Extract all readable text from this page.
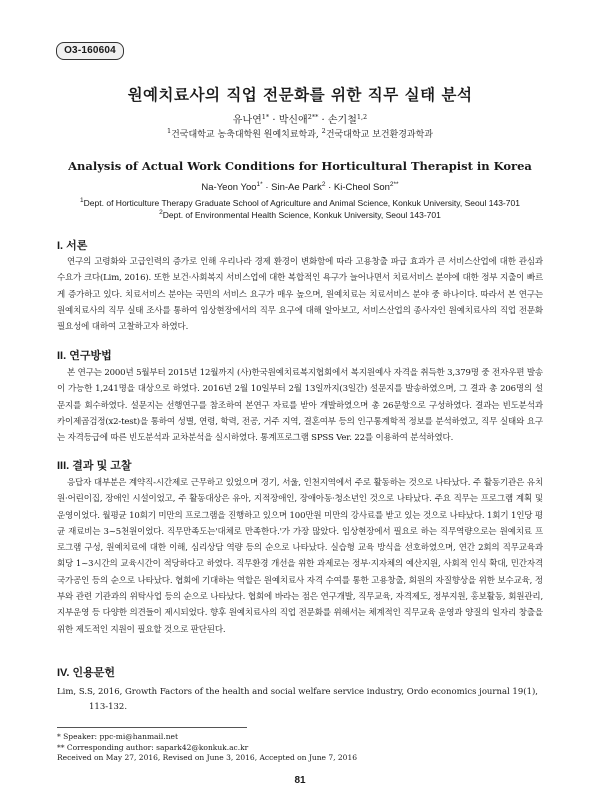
O3-160604
원예치료사의 직업 전문화를 위한 직무 실태 분석
유나연$^{1*}$ · 박신애$^{2**}$ · 손기철$^{1,2}$
$^1$건국대학교 농축대학원 원예치료학과, $^2$건국대학교 보건환경과학과
Analysis of Actual Work Conditions for Horticultural Therapist in Korea
Na-Yeon Yoo$^{1*}$ · Sin-Ae Park$^2$ · Ki-Cheol Son$^{2**}$
$^1$Dept. of Horticulture Therapy Graduate School of Agriculture and Animal Science, Konkuk University, Seoul 143-701
$^2$Dept. of Environmental Health Science, Konkuk University, Seoul 143-701
I. 서론

연구의 고령화와 고급인력의 증가로 인해 우리나라 경제 환경이 변화함에 따라 고용창출 파급 효과가 큰 서비스산업에 대한 관심과 수요가 크다(Lim, 2016). 또한 보건·사회복지 서비스업에 대한 복합적인 욕구가 늘어나면서 치료서비스 분야에 대한 정부 지출이 빠르게 증가하고 있다. 치료서비스 분야는 국민의 서비스 요구가 매우 높으며, 원예치료는 치료서비스 분야 중 하나이다. 따라서 본 연구는 원예치료사의 직무 실태 조사를 통하여 임상현장에서의 직무 요구에 대해 알아보고, 서비스산업의 종사자인 원예치료사의 직업 전문화 필요성에 대하여 고찰하고자 하였다.

II. 연구방법

본 연구는 2000년 5월부터 2015년 12월까지 (사)한국원예치료복지협회에서 복지원예사 자격을 취득한 3,379명 중 전자우편 발송이 가능한 1,241명을 대상으로 하였다. 2016년 2월 10일부터 2월 13일까지(3일간) 설문지를 발송하였으며, 그 결과 총 206명의 설문지를 회수하였다. 설문지는 선행연구를 참조하여 본연구 자료를 받아 개발하였으며 총 26문항으로 구성하였다. 결과는 빈도분석과 카이제곱검정(x2-test)을 통하여 성별, 연령, 학력, 전공, 거주 지역, 결혼여부 등의 인구통계학적 정보를 분석하였고, 직무 실태와 요구는 자격등급에 따른 빈도분석과 교차분석을 실시하였다. 통계프로그램 SPSS Ver. 22를 이용하여 분석하였다.

III. 결과 및 고찰

응답자 대부분은 계약직-시간제로 근무하고 있었으며 경기, 서울, 인천지역에서 주로 활동하는 것으로 나타났다. 주 활동기관은 유치원·어린이집, 장애인 시설이었고, 주 활동대상은 유아, 지적장애인, 장애아동·청소년인 것으로 나타났다. 주요 직무는 프로그램 계획 및 운영이었다. 월평균 10회기 미만의 프로그램을 진행하고 있으며 100만원 미만의 강사료를 받고 있는 것으로 나타났다. 1회기 1인당 평균 재료비는 3~5천원이었다. 직무만족도는'대체로 만족한다.'가 가장 많았다. 임상현장에서 필요로 하는 직무역량으로는 원예치료 프로그램 구성, 원예치료에 대한 이해, 심리상담 역량 등의 순으로 나타났다. 실습형 교육 방식을 선호하였으며, 연간 2회의 직무교육과 회당 1~3시간의 교육시간이 적당하다고 하였다. 직무환경 개선을 위한 과제로는 정부·지자체의 예산지원, 사회적 인식 확대, 민간자격 국가공인 등의 순으로 나타났다. 협회에 기대하는 역할은 원예치료사 자격 수여를 통한 고용창출, 회원의 자질향상을 위한 보수교육, 정부와 관련 기관과의 위탁사업 등의 순으로 나타났다. 협회에 바라는 점은 연구개발, 직무교육, 자격제도, 정부지원, 홍보활동, 회원관리, 지부운영 등 다양한 의견들이 제시되었다. 향후 원예치료사의 직업 전문화를 위해서는 체계적인 직무교육 운영과 양질의 일자리 창출을 위한 제도적인 지원이 필요할 것으로 판단된다.

IV. 인용문헌
Lim, S.S, 2016, Growth Factors of the health and social welfare service industry, Ordo economics journal 19(1),
113-132.
* Speaker: ppc-mi@hanmail.net
** Corresponding author: sapark42@konkuk.ac.kr
Received on May 27, 2016, Revised on June 3, 2016, Accepted on June 7, 2016
81
